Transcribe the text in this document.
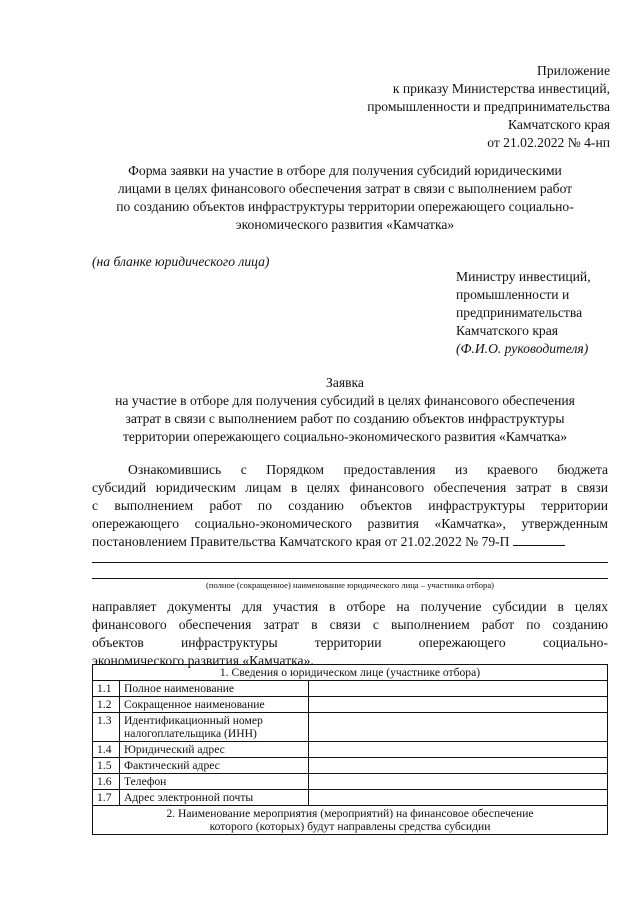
Приложение
к приказу Министерства инвестиций,
промышленности и предпринимательства
Камчатского края
от 21.02.2022 № 4-нп
Форма заявки на участие в отборе для получения субсидий юридическими
лицами в целях финансового обеспечения затрат в связи с выполнением работ
по созданию объектов инфраструктуры территории опережающего социально-
экономического развития «Камчатка»
(на бланке юридического лица)
Министру инвестиций,
промышленности и
предпринимательства
Камчатского края
(Ф.И.О. руководителя)
Заявка
на участие в отборе для получения субсидий в целях финансового обеспечения
затрат в связи с выполнением работ по созданию объектов инфраструктуры
территории опережающего социально-экономического развития «Камчатка»
Ознакомившись с Порядком предоставления из краевого бюджета
субсидий юридическим лицам в целях финансового обеспечения затрат в связи
с выполнением работ по созданию объектов инфраструктуры территории
опережающего социально-экономического развития «Камчатка», утвержденным
постановлением Правительства Камчатского края от 21.02.2022 № 79-П
(полное (сокращенное) наименование юридического лица – участника отбора)
направляет документы для участия в отборе на получение субсидии в целях
финансового обеспечения затрат в связи с выполнением работ по созданию
объектов инфраструктуры территории опережающего социально-
экономического развития «Камчатка».
1. Сведения о юридическом лице (участнике отбора)		
1.1	Полное наименование	
1.2	Сокращенное наименование	
1.3	Идентификационный номер налогоплательщика (ИНН)	
1.4	Юридический адрес	
1.5	Фактический адрес	
1.6	Телефон	
1.7	Адрес электронной почты	

2. Наименование мероприятия (мероприятий) на финансовое обеспечение
которого (которых) будут направлены средства субсидии		
